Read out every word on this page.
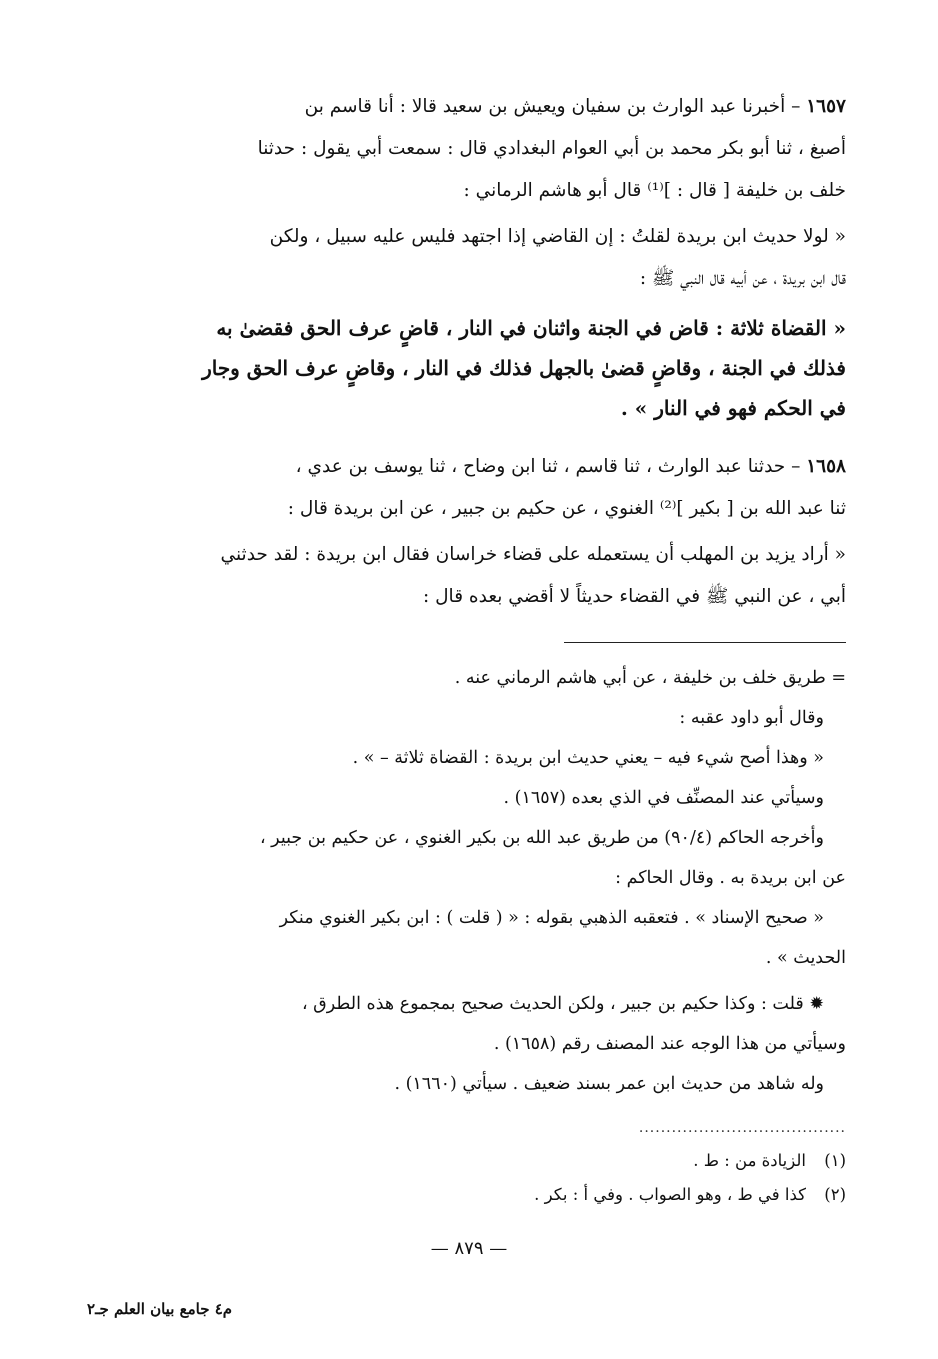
١٦٥٧ – أخبرنا عبد الوارث بن سفيان ويعيش بن سعيد قالا : أنا قاسم بن

أصبغ ، ثنا أبو بكر محمد بن أبي العوام البغدادي قال : سمعت أبي يقول : حدثنا

خلف بن خليفة [ قال : ]⁽¹⁾ قال أبو هاشم الرماني :

« لولا حديث ابن بريدة لقلتُ : إن القاضي إذا اجتهد فليس عليه سبيل ، ولكن

قال ابن بريدة ، عن أبيه قال النبي ﷺ :

« القضاة ثلاثة : قاض في الجنة واثنان في النار ، قاضٍ عرف الحق فقضىٰ به

فذلك في الجنة ، وقاضٍ قضىٰ بالجهل فذلك في النار ، وقاضٍ عرف الحق وجار

في الحكم فهو في النار » .

١٦٥٨ – حدثنا عبد الوارث ، ثنا قاسم ، ثنا ابن وضاح ، ثنا يوسف بن عدي ،

ثنا عبد الله بن [ بكير ]⁽²⁾ الغنوي ، عن حكيم بن جبير ، عن ابن بريدة قال :

« أراد يزيد بن المهلب أن يستعمله على قضاء خراسان فقال ابن بريدة : لقد حدثني

أبي ، عن النبي ﷺ في القضاء حديثاً لا أقضي بعده قال :

= طريق خلف بن خليفة ، عن أبي هاشم الرماني عنه .

وقال أبو داود عقبه :

« وهذا أصح شيء فيه – يعني حديث ابن بريدة : القضاة ثلاثة – » .

وسيأتي عند المصنِّف في الذي بعده (١٦٥٧) .

وأخرجه الحاكم (٩٠/٤) من طريق عبد الله بن بكير الغنوي ، عن حكيم بن جبير ،

عن ابن بريدة به . وقال الحاكم :

« صحيح الإسناد » . فتعقبه الذهبي بقوله : « ( قلت ) : ابن بكير الغنوي منكر

الحديث » .

✹ قلت : وكذا حكيم بن جبير ، ولكن الحديث صحيح بمجموع هذه الطرق ،

وسيأتي من هذا الوجه عند المصنف رقم (١٦٥٨) .

وله شاهد من حديث ابن عمر بسند ضعيف . سيأتي (١٦٦٠) .

......................................

(١)الزيادة من : ط .

(٢)كذا في ط ، وهو الصواب . وفي أ : بكر .

— ٨٧٩ —
م٤ جامع بيان العلم جـ٢
